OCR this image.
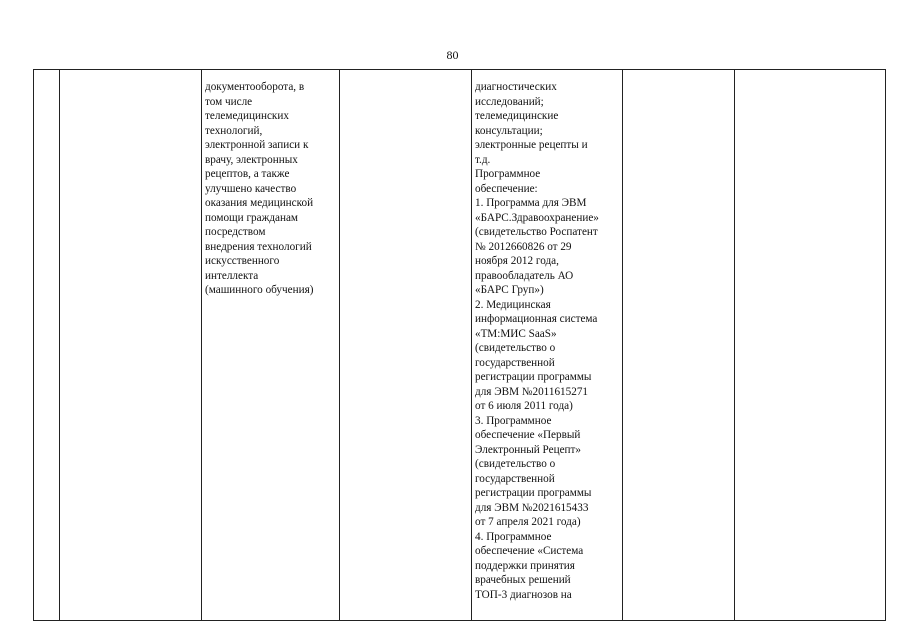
80

документооборота, в
том числе
телемедицинских
технологий,
электронной записи к
врачу, электронных
рецептов, а также
улучшено качество
оказания медицинской
помощи гражданам
посредством
внедрения технологий
искусственного
интеллекта
(машинного обучения)

диагностических
исследований;
телемедицинские
консультации;
электронные рецепты и
т.д.
Программное
обеспечение:
1. Программа для ЭВМ
«БАРС.Здравоохранение»
(свидетельство Роспатент
№ 2012660826 от 29
ноября 2012 года,
правообладатель АО
«БАРС Груп»)
2. Медицинская
информационная система
«ТМ:МИС SaaS»
(свидетельство о
государственной
регистрации программы
для ЭВМ №2011615271
от 6 июля 2011 года)
3. Программное
обеспечение «Первый
Электронный Рецепт»
(свидетельство о
государственной
регистрации программы
для ЭВМ №2021615433
от 7 апреля 2021 года)
4. Программное
обеспечение «Система
поддержки принятия
врачебных решений
ТОП-3 диагнозов на
